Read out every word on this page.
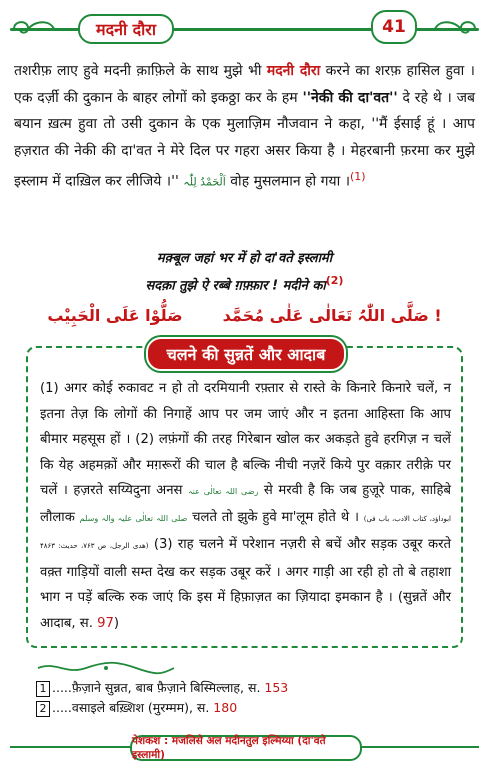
मदनी दौरा	41
तशरीफ़ लाए हुवे मदनी क़ाफ़िले के साथ मुझे भी मदनी दौरा करने का शरफ़ हासिल हुवा । एक दर्ज़ी की दुकान के बाहर लोगों को इकठ्ठा कर के हम ''नेकी की दा'वत'' दे रहे थे । जब बयान ख़त्म हुवा तो उसी दुकान के एक मुलाज़िम नौजवान ने कहा, ''मैं ईसाई हूं । आप हज़रात की नेकी की दा'वत ने मेरे दिल पर गहरा असर किया है । मेहरबानी फ़रमा कर मुझे इस्लाम में दाख़िल कर लीजिये ।'' اَلْحَمْدُ لِلّٰہ वोह मुसलमान हो गया ।$^{(1)}$
मक़्बूल जहां भर में हो दा'वते इस्लामी
सदक़ा तुझे ऐ रब्बे ग़फ़्फ़ार ! मदीने का$^{(2)}$
صَلَّی اللّٰہُ تَعَالٰی عَلٰی مُحَمَّدصَلُّوْا عَلَی الْحَبِیْب !
चलने की सुन्नतें और आदाब
(1) अगर कोई रुकावट न हो तो दरमियानी रफ़्तार से रास्ते के किनारे किनारे चलें, न इतना तेज़ कि लोगों की निगाहें आप पर जम जाएं और न इतना आहिस्ता कि आप बीमार महसूस हों । (2) लफ़ंगों की तरह गिरेबान खोल कर अकड़ते हुवे हरगिज़ न चलें कि येह अहमक़ों और मग़रूरों की चाल है बल्कि नीची नज़रें किये पुर वक़ार तरीक़े पर चलें । हज़रते सय्यिदुना अनस رضی اللہ تعالٰی عنہ से मरवी है कि जब हुज़ूरे पाक, साहिबे लौलाक صلی اللہ تعالٰی علیہ والہ وسلم चलते तो झुके हुवे मा'लूम होते थे । (ابوداؤد، کتاب الادب، باب فی ھدی الرجل، ص ۷۶۳، حدیث: ۴۸۶۳) (3) राह चलने में परेशान नज़री से बचें और सड़क उबूर करते वक़्त गाड़ियों वाली सम्त देख कर सड़क उबूर करें । अगर गाड़ी आ रही हो तो बे तहाशा भाग न पड़ें बल्कि रुक जाएं कि इस में हिफ़ाज़त का ज़ियादा इमकान है । (सुन्नतें और आदाब, स. 97)
1 .....फ़ैज़ाने सुन्नत, बाब फ़ैज़ाने बिस्मिल्लाह, स. 153
2 .....वसाइले बख़्शिश (मुरम्मम), स. 180
पेशकश : मजलिसे अल मदीनतुल इल्मिय्या (दा'वते इस्लामी)
